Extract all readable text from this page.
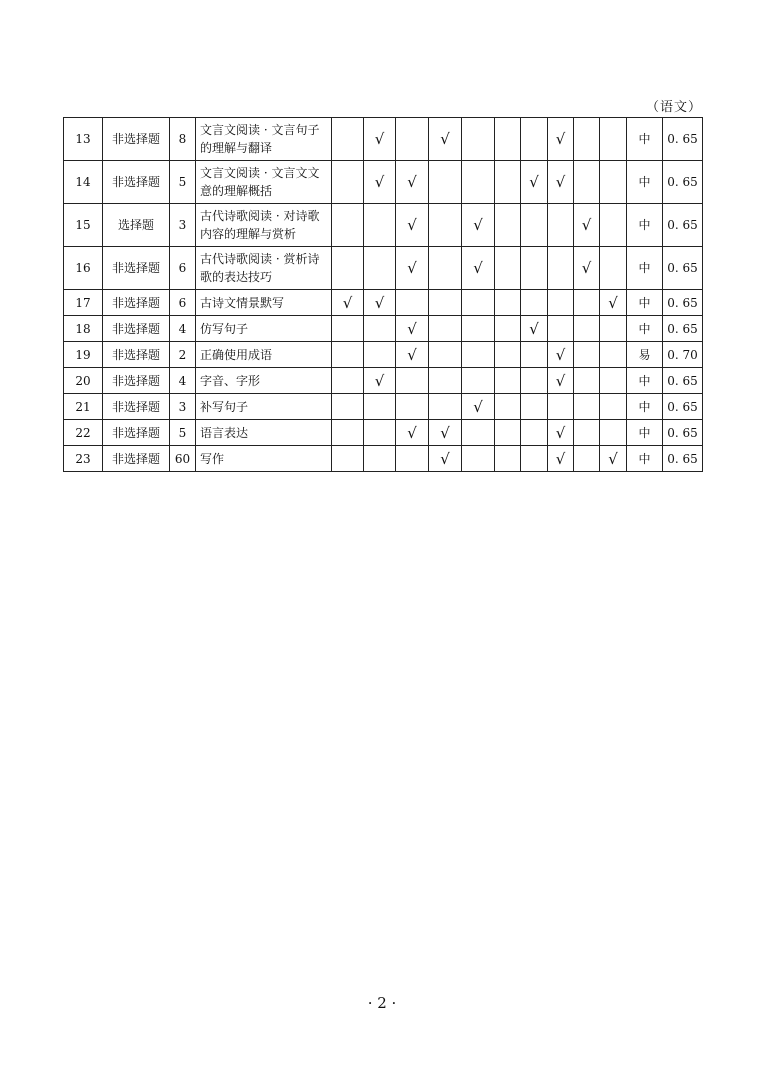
（语文）
13	非选择题	8	文言文阅读 · 文言句子的理解与翻译		√		√				√			中	0. 65
14	非选择题	5	文言文阅读 · 文言文文意的理解概括		√	√				√	√			中	0. 65
15	选择题	3	古代诗歌阅读 · 对诗歌内容的理解与赏析			√		√				√		中	0. 65
16	非选择题	6	古代诗歌阅读 · 赏析诗歌的表达技巧			√		√				√		中	0. 65
17	非选择题	6	古诗文情景默写	√	√								√	中	0. 65
18	非选择题	4	仿写句子			√				√				中	0. 65
19	非选择题	2	正确使用成语			√					√			易	0. 70
20	非选择题	4	字音、字形		√						√			中	0. 65
21	非选择题	3	补写句子					√						中	0. 65
22	非选择题	5	语言表达			√	√				√			中	0. 65
23	非选择题	60	写作				√				√		√	中	0. 65
· 2 ·
